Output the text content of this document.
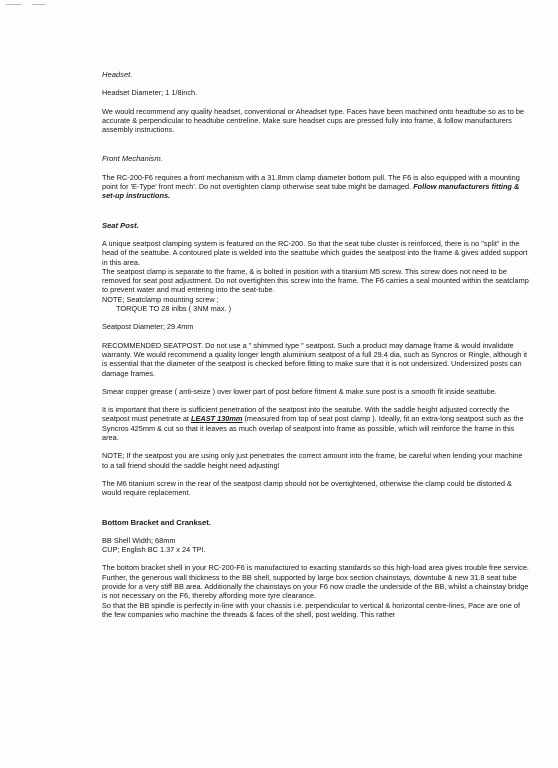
Headset.

Headset Diameter; 1 1/8inch.

We would recommend any quality headset, conventional or Aheadset type. Faces have been machined onto headtube so as to be accurate & perpendicular to headtube centreline. Make sure headset cups are pressed fully into frame, & follow manufacturers assembly instructions.

Front Mechanism.

The RC-200-F6 requires a front mechanism with a 31.8mm clamp diameter bottom pull. The F6 is also equipped with a mounting point for 'E-Type' front mech'. Do not overtighten clamp otherwise seat tube might be damaged. Follow manufacturers fitting & set-up instructions.

Seat Post.

A unique seatpost clamping system is featured on the RC-200. So that the seat tube cluster is reinforced, there is no "split" in the head of the seattube. A contoured plate is welded into the seattube which guides the seatpost into the frame & gives added support in this area.

The seatpost clamp is separate to the frame, & is bolted in position with a titanium M5 screw. This screw does not need to be removed for seat post adjustment. Do not overtighten this screw into the frame. The F6 carries a seal mounted within the seatclamp to prevent water and mud entering into the seat-tube.

NOTE; Seatclamp mounting screw ;

TORQUE TO 28 inlbs ( 3NM max. )

Seatpost Diameter; 29.4mm

RECOMMENDED SEATPOST. Do not use a " shimmed type " seatpost. Such a product may damage frame & would invalidate warranty. We would recommend a quality longer length aluminium seatpost of a full 29.4 dia, such as Syncros or Ringle, although it is essential that the diameter of the seatpost is checked before fitting to make sure that it is not undersized. Undersized posts can damage frames.

Smear copper grease ( anti-seize ) over lower part of post before fitment & make sure post is a smooth fit inside seattube.

It is important that there is sufficient penetration of the seatpost into the seatube. With the saddle height adjusted correctly the seatpost must penetrate at LEAST 130mm (measured from top of seat post clamp ). Ideally, fit an extra-long seatpost such as the Syncros 425mm & cut so that it leaves as much overlap of seatpost into frame as possible, which will reinforce the frame in this area.

NOTE; If the seatpost you are using only just penetrates the correct amount into the frame, be careful when lending your machine to a tall friend should the saddle height need adjusting!

The M6 titanium screw in the rear of the seatpost clamp should not be overtightened, otherwise the clamp could be distorted & would require replacement.

Bottom Bracket and Crankset.

BB Shell Width; 68mm

CUP; English BC 1.37 x 24 TPI.

The bottom bracket shell in your RC-200-F6 is manufactured to exacting standards so this high-load area gives trouble free service. Further, the generous wall thickness to the BB shell, supported by large box section chainstays, downtube & new 31.8 seat tube provide for a very stiff BB area. Additionally the chainstays on your F6 now cradle the underside of the BB, whilst a chainstay bridge is not necessary on the F6, thereby affording more tyre clearance.

So that the BB spindle is perfectly in-line with your chassis i.e. perpendicular to vertical & horizontal centre-lines, Pace are one of the few companies who machine the threads & faces of the shell, post welding. This rather
